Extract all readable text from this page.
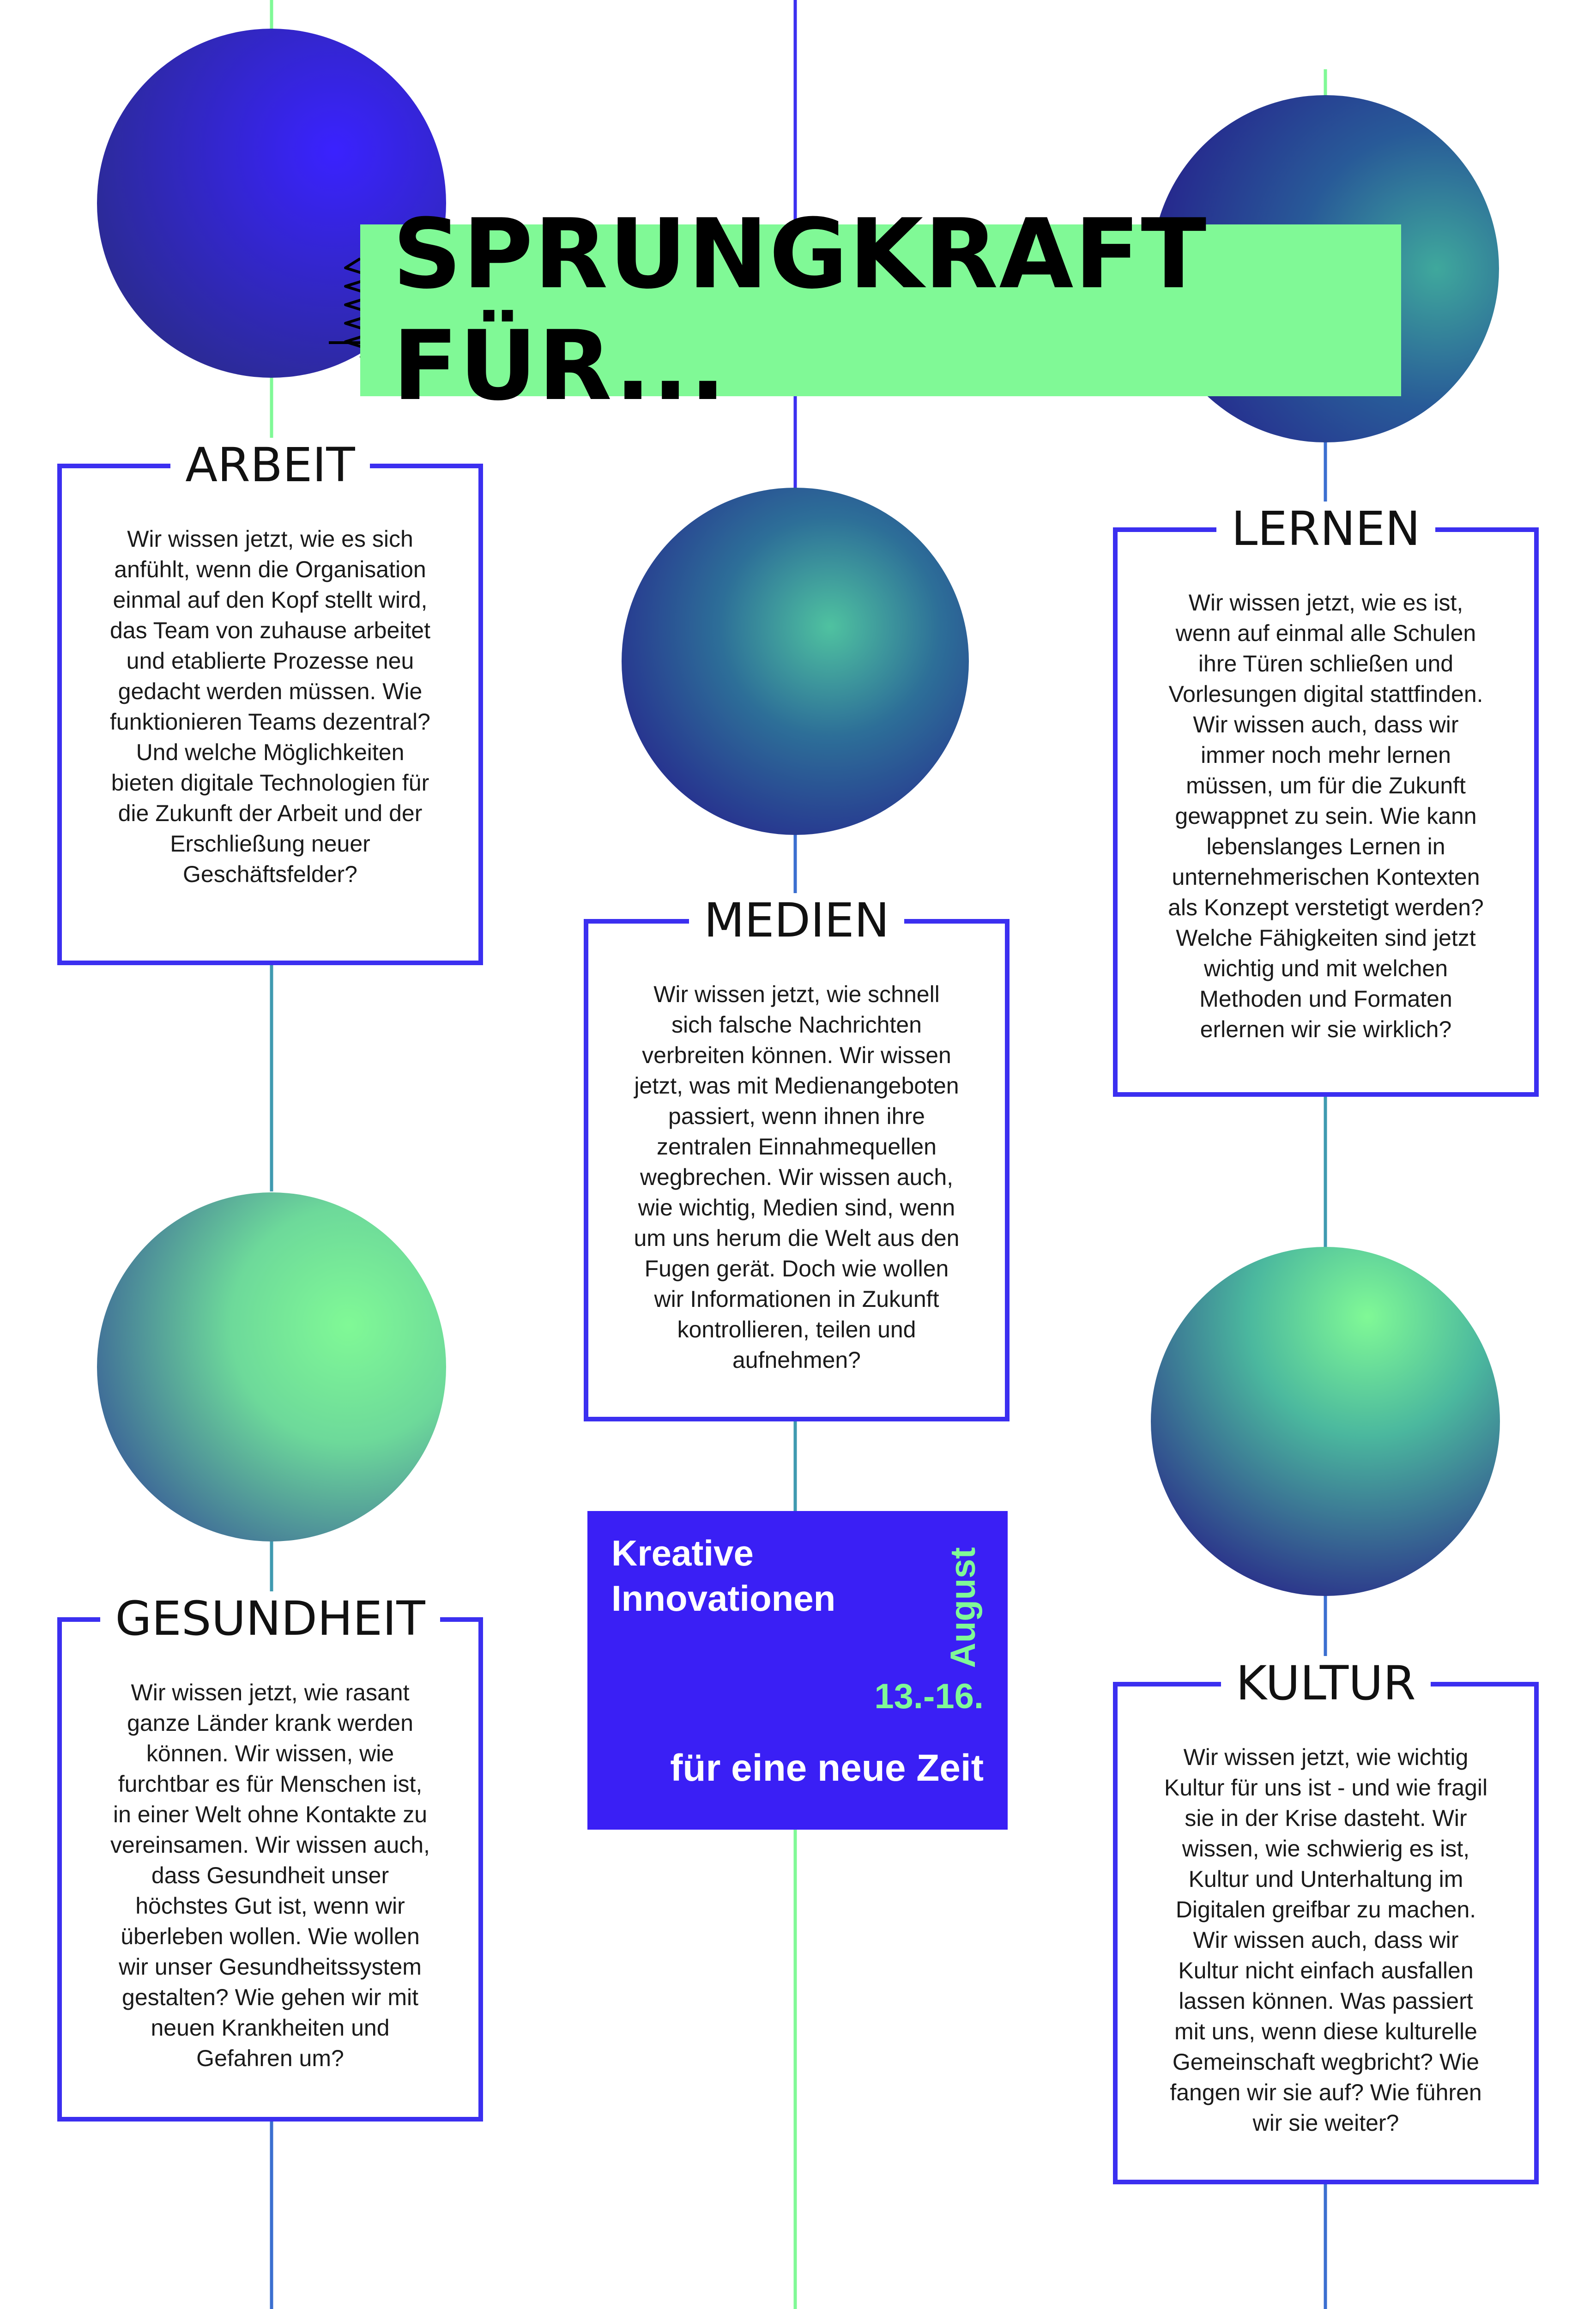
SPRUNGKRAFT FÜR...
ARBEIT
Wir wissen jetzt, wie es sich
anfühlt, wenn die Organisation
einmal auf den Kopf stellt wird,
das Team von zuhause arbeitet
und etablierte Prozesse neu
gedacht werden müssen. Wie
funktionieren Teams dezentral?
Und welche Möglichkeiten
bieten digitale Technologien für
die Zukunft der Arbeit und der
Erschließung neuer
Geschäftsfelder?
MEDIEN
Wir wissen jetzt, wie schnell
sich falsche Nachrichten
verbreiten können. Wir wissen
jetzt, was mit Medienangeboten
passiert, wenn ihnen ihre
zentralen Einnahmequellen
wegbrechen. Wir wissen auch,
wie wichtig, Medien sind, wenn
um uns herum die Welt aus den
Fugen gerät. Doch wie wollen
wir Informationen in Zukunft
kontrollieren, teilen und
aufnehmen?
LERNEN
Wir wissen jetzt, wie es ist,
wenn auf einmal alle Schulen
ihre Türen schließen und
Vorlesungen digital stattfinden.
Wir wissen auch, dass wir
immer noch mehr lernen
müssen, um für die Zukunft
gewappnet zu sein. Wie kann
lebenslanges Lernen in
unternehmerischen Kontexten
als Konzept verstetigt werden?
Welche Fähigkeiten sind jetzt
wichtig und mit welchen
Methoden und Formaten
erlernen wir sie wirklich?
GESUNDHEIT
Wir wissen jetzt, wie rasant
ganze Länder krank werden
können. Wir wissen, wie
furchtbar es für Menschen ist,
in einer Welt ohne Kontakte zu
vereinsamen. Wir wissen auch,
dass Gesundheit unser
höchstes Gut ist, wenn wir
überleben wollen. Wie wollen
wir unser Gesundheitssystem
gestalten? Wie gehen wir mit
neuen Krankheiten und
Gefahren um?
KULTUR
Wir wissen jetzt, wie wichtig
Kultur für uns ist - und wie fragil
sie in der Krise dasteht. Wir
wissen, wie schwierig es ist,
Kultur und Unterhaltung im
Digitalen greifbar zu machen.
Wir wissen auch, dass wir
Kultur nicht einfach ausfallen
lassen können. Was passiert
mit uns, wenn diese kulturelle
Gemeinschaft wegbricht? Wie
fangen wir sie auf? Wie führen
wir sie weiter?
Kreative
Innovationen	August
13.-16.
für eine neue Zeit
